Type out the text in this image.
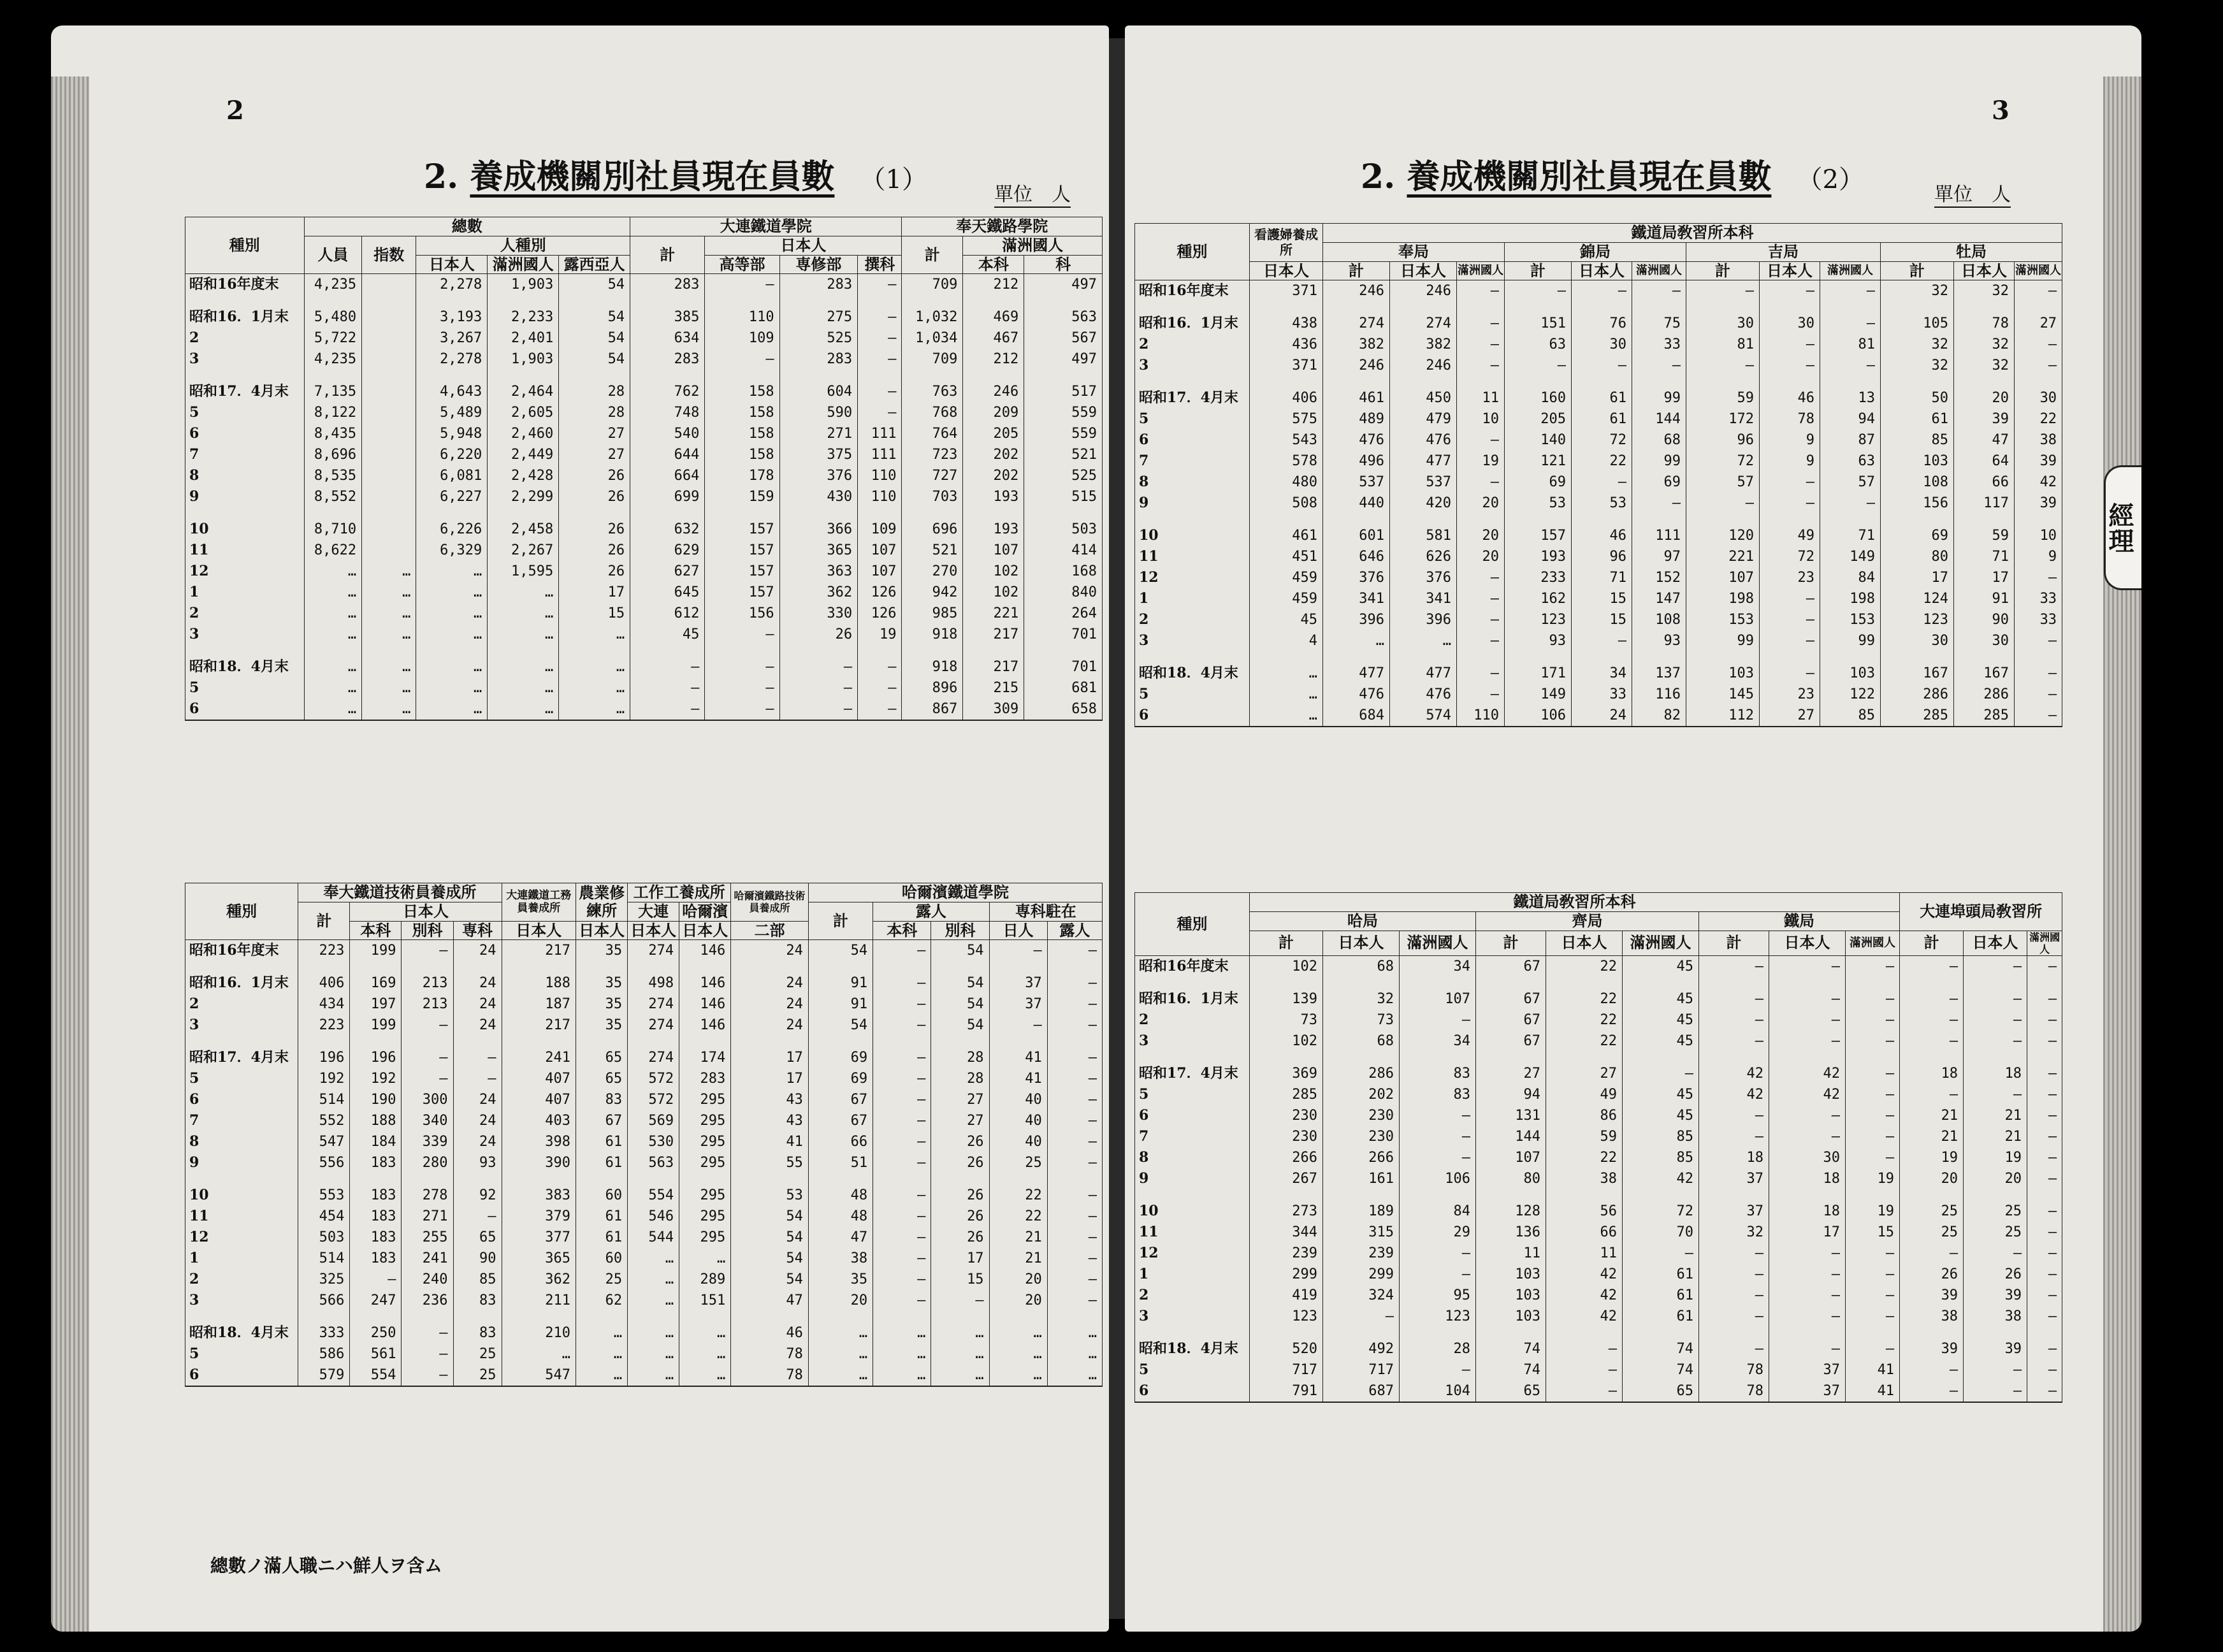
2
2. 養成機關別社員現在員數 （1）
單位　人
種別	總數					大連鐵道學院				奉天鐵路學院		
	人員	指数	人種別			計	日本人			計	滿洲國人	
			日本人	滿洲國人	露西亞人		高等部	専修部	撰科		本科	科
昭和16年度末	4,235		2,278	1,903	54	283	—	283	—	709	212	497

昭和16．1月末	5,480		3,193	2,233	54	385	110	275	—	1,032	469	563
2	5,722		3,267	2,401	54	634	109	525	—	1,034	467	567
3	4,235		2,278	1,903	54	283	—	283	—	709	212	497

昭和17．4月末	7,135		4,643	2,464	28	762	158	604	—	763	246	517
5	8,122		5,489	2,605	28	748	158	590	—	768	209	559
6	8,435		5,948	2,460	27	540	158	271	111	764	205	559
7	8,696		6,220	2,449	27	644	158	375	111	723	202	521
8	8,535		6,081	2,428	26	664	178	376	110	727	202	525
9	8,552		6,227	2,299	26	699	159	430	110	703	193	515

10	8,710		6,226	2,458	26	632	157	366	109	696	193	503
11	8,622		6,329	2,267	26	629	157	365	107	521	107	414
12	…	…	…	1,595	26	627	157	363	107	270	102	168
1	…	…	…	…	17	645	157	362	126	942	102	840
2	…	…	…	…	15	612	156	330	126	985	221	264
3	…	…	…	…	…	45	—	26	19	918	217	701

昭和18．4月末	…	…	…	…	…	—	—	—	—	918	217	701
5	…	…	…	…	…	—	—	—	—	896	215	681
6	…	…	…	…	…	—	—	—	—	867	309	658
種別	奉大鐵道技術員養成所				大連鐵道工務員養成所	農業修練所	工作工養成所		哈爾濱鐵路技術員養成所	哈爾濱鐵道學院				
	計	日本人					大連	哈爾濱		計	露人		専科駐在	
		本科	別科	専科	日本人	日本人	日本人	日本人	二部		本科	別科	日人	露人
昭和16年度末	223	199	—	24	217	35	274	146	24	54	—	54	—	—

昭和16．1月末	406	169	213	24	188	35	498	146	24	91	—	54	37	—
2	434	197	213	24	187	35	274	146	24	91	—	54	37	—
3	223	199	—	24	217	35	274	146	24	54	—	54	—	—

昭和17．4月末	196	196	—	—	241	65	274	174	17	69	—	28	41	—
5	192	192	—	—	407	65	572	283	17	69	—	28	41	—
6	514	190	300	24	407	83	572	295	43	67	—	27	40	—
7	552	188	340	24	403	67	569	295	43	67	—	27	40	—
8	547	184	339	24	398	61	530	295	41	66	—	26	40	—
9	556	183	280	93	390	61	563	295	55	51	—	26	25	—

10	553	183	278	92	383	60	554	295	53	48	—	26	22	—
11	454	183	271	—	379	61	546	295	54	48	—	26	22	—
12	503	183	255	65	377	61	544	295	54	47	—	26	21	—
1	514	183	241	90	365	60	…	…	54	38	—	17	21	—
2	325	—	240	85	362	25	…	289	54	35	—	15	20	—
3	566	247	236	83	211	62	…	151	47	20	—	—	20	—

昭和18．4月末	333	250	—	83	210	…	…	…	46	…	…	…	…	…
5	586	561	—	25	…	…	…	…	78	…	…	…	…	…
6	579	554	—	25	547	…	…	…	78	…	…	…	…	…
總數ノ滿人職ニハ鮮人ヲ含ム
3
2. 養成機關別社員現在員數 （2）
單位　人
經理
種別	看護婦養成所	鐵道局敎習所本科											
		奉局			錦局			吉局			牡局		
	日本人	計	日本人	滿洲國人	計	日本人	滿洲國人	計	日本人	滿洲國人	計	日本人	滿洲國人
昭和16年度末	371	246	246	—	—	—	—	—	—	—	32	32	—

昭和16．1月末	438	274	274	—	151	76	75	30	30	—	105	78	27
2	436	382	382	—	63	30	33	81	—	81	32	32	—
3	371	246	246	—	—	—	—	—	—	—	32	32	—

昭和17．4月末	406	461	450	11	160	61	99	59	46	13	50	20	30
5	575	489	479	10	205	61	144	172	78	94	61	39	22
6	543	476	476	—	140	72	68	96	9	87	85	47	38
7	578	496	477	19	121	22	99	72	9	63	103	64	39
8	480	537	537	—	69	—	69	57	—	57	108	66	42
9	508	440	420	20	53	53	—	—	—	—	156	117	39

10	461	601	581	20	157	46	111	120	49	71	69	59	10
11	451	646	626	20	193	96	97	221	72	149	80	71	9
12	459	376	376	—	233	71	152	107	23	84	17	17	—
1	459	341	341	—	162	15	147	198	—	198	124	91	33
2	45	396	396	—	123	15	108	153	—	153	123	90	33
3	4	…	…	—	93	—	93	99	—	99	30	30	—

昭和18．4月末	…	477	477	—	171	34	137	103	—	103	167	167	—
5	…	476	476	—	149	33	116	145	23	122	286	286	—
6	…	684	574	110	106	24	82	112	27	85	285	285	—
種別	鐵道局敎習所本科									大連埠頭局敎習所		
	哈局			齊局			鐵局					
	計	日本人	滿洲國人	計	日本人	滿洲國人	計	日本人	滿洲國人	計	日本人	滿洲國人
昭和16年度末	102	68	34	67	22	45	—	—	—	—	—	—

昭和16．1月末	139	32	107	67	22	45	—	—	—	—	—	—
2	73	73	—	67	22	45	—	—	—	—	—	—
3	102	68	34	67	22	45	—	—	—	—	—	—

昭和17．4月末	369	286	83	27	27	—	42	42	—	18	18	—
5	285	202	83	94	49	45	42	42	—	—	—	—
6	230	230	—	131	86	45	—	—	—	21	21	—
7	230	230	—	144	59	85	—	—	—	21	21	—
8	266	266	—	107	22	85	18	30	—	19	19	—
9	267	161	106	80	38	42	37	18	19	20	20	—

10	273	189	84	128	56	72	37	18	19	25	25	—
11	344	315	29	136	66	70	32	17	15	25	25	—
12	239	239	—	11	11	—	—	—	—	—	—	—
1	299	299	—	103	42	61	—	—	—	26	26	—
2	419	324	95	103	42	61	—	—	—	39	39	—
3	123	—	123	103	42	61	—	—	—	38	38	—

昭和18．4月末	520	492	28	74	—	74	—	—	—	39	39	—
5	717	717	—	74	—	74	78	37	41	—	—	—
6	791	687	104	65	—	65	78	37	41	—	—	—
